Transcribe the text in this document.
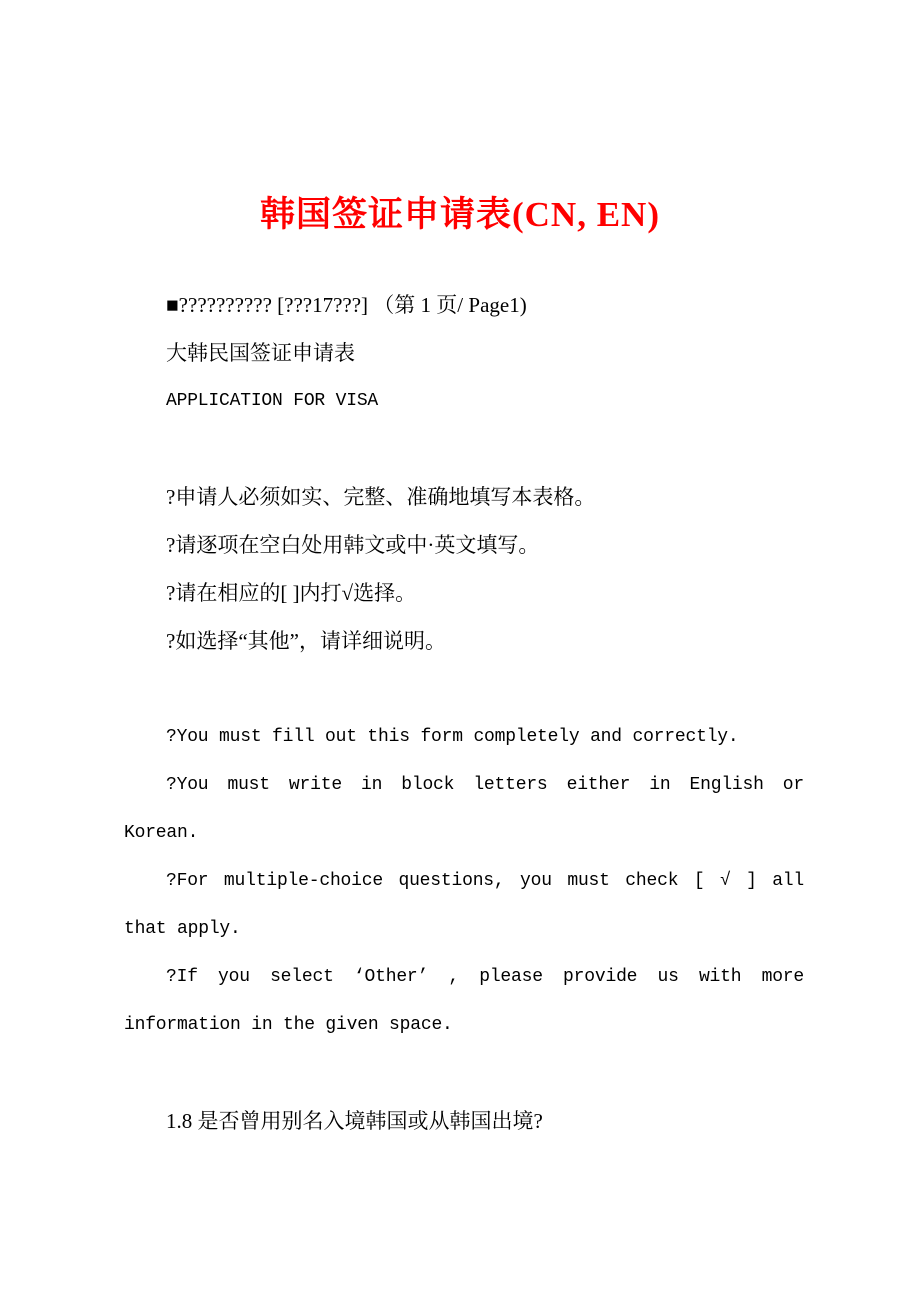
韩国签证申请表(CN, EN)
■?????????? [???17???] （第 1 页/ Page1)
大韩民国签证申请表
APPLICATION FOR VISA
?申请人必须如实、完整、准确地填写本表格。
?请逐项在空白处用韩文或中·英文填写。
?请在相应的[ ]内打√选择。
?如选择“其他”，请详细说明。
?You must fill out this form completely and correctly.
?You must write in block letters either in English or
Korean.
?For multiple-choice questions, you must check [ √ ] all
that apply.
?If you select ‘Other’ , please provide us with more
information in the given space.
1.8 是否曾用别名入境韩国或从韩国出境?
